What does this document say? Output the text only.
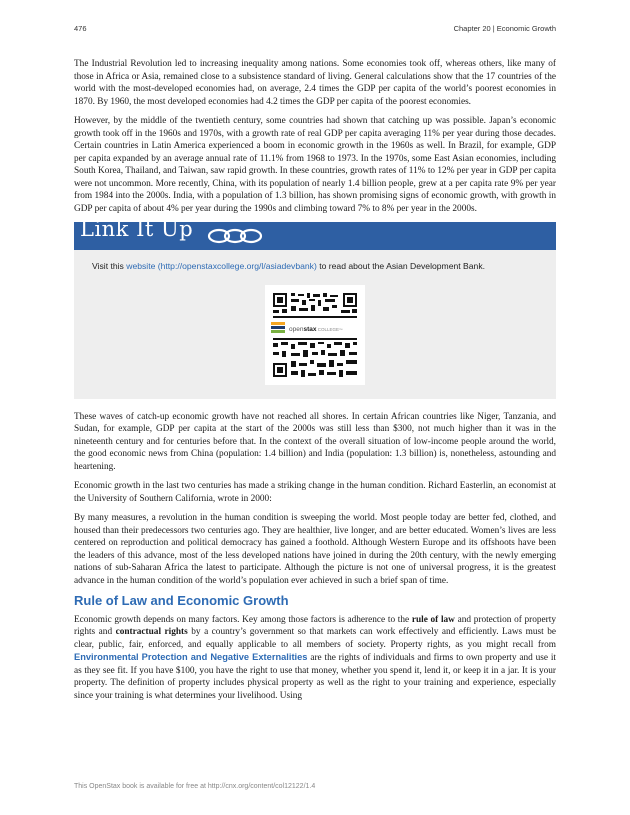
476	Chapter 20 | Economic Growth

The Industrial Revolution led to increasing inequality among nations. Some economies took off, whereas others, like many of those in Africa or Asia, remained close to a subsistence standard of living. General calculations show that the 17 countries of the world with the most-developed economies had, on average, 2.4 times the GDP per capita of the world’s poorest economies in 1870. By 1960, the most developed economies had 4.2 times the GDP per capita of the poorest economies.

However, by the middle of the twentieth century, some countries had shown that catching up was possible. Japan’s economic growth took off in the 1960s and 1970s, with a growth rate of real GDP per capita averaging 11% per year during those decades. Certain countries in Latin America experienced a boom in economic growth in the 1960s as well. In Brazil, for example, GDP per capita expanded by an average annual rate of 11.1% from 1968 to 1973. In the 1970s, some East Asian economies, including South Korea, Thailand, and Taiwan, saw rapid growth. In these countries, growth rates of 11% to 12% per year in GDP per capita were not uncommon. More recently, China, with its population of nearly 1.4 billion people, grew at a per capita rate 9% per year from 1984 into the 2000s. India, with a population of 1.3 billion, has shown promising signs of economic growth, with growth in GDP per capita of about 4% per year during the 1990s and climbing toward 7% to 8% per year in the 2000s.

Link It Up
Visit this website (http://openstaxcollege.org/l/asiadevbank) to read about the Asian Development Bank.
openstax COLLEGE™

These waves of catch-up economic growth have not reached all shores. In certain African countries like Niger, Tanzania, and Sudan, for example, GDP per capita at the start of the 2000s was still less than $300, not much higher than it was in the nineteenth century and for centuries before that. In the context of the overall situation of low-income people around the world, the good economic news from China (population: 1.4 billion) and India (population: 1.3 billion) is, nonetheless, astounding and heartening.

Economic growth in the last two centuries has made a striking change in the human condition. Richard Easterlin, an economist at the University of Southern California, wrote in 2000:

By many measures, a revolution in the human condition is sweeping the world. Most people today are better fed, clothed, and housed than their predecessors two centuries ago. They are healthier, live longer, and are better educated. Women’s lives are less centered on reproduction and political democracy has gained a foothold. Although Western Europe and its offshoots have been the leaders of this advance, most of the less developed nations have joined in during the 20th century, with the newly emerging nations of sub-Saharan Africa the latest to participate. Although the picture is not one of universal progress, it is the greatest advance in the human condition of the world’s population ever achieved in such a brief span of time.

Rule of Law and Economic Growth

Economic growth depends on many factors. Key among those factors is adherence to the rule of law and protection of property rights and contractual rights by a country’s government so that markets can work effectively and efficiently. Laws must be clear, public, fair, enforced, and equally applicable to all members of society. Property rights, as you might recall from Environmental Protection and Negative Externalities are the rights of individuals and firms to own property and use it as they see fit. If you have $100, you have the right to use that money, whether you spend it, lend it, or keep it in a jar. It is your property. The definition of property includes physical property as well as the right to your training and experience, especially since your training is what determines your livelihood. Using

This OpenStax book is available for free at http://cnx.org/content/col12122/1.4
